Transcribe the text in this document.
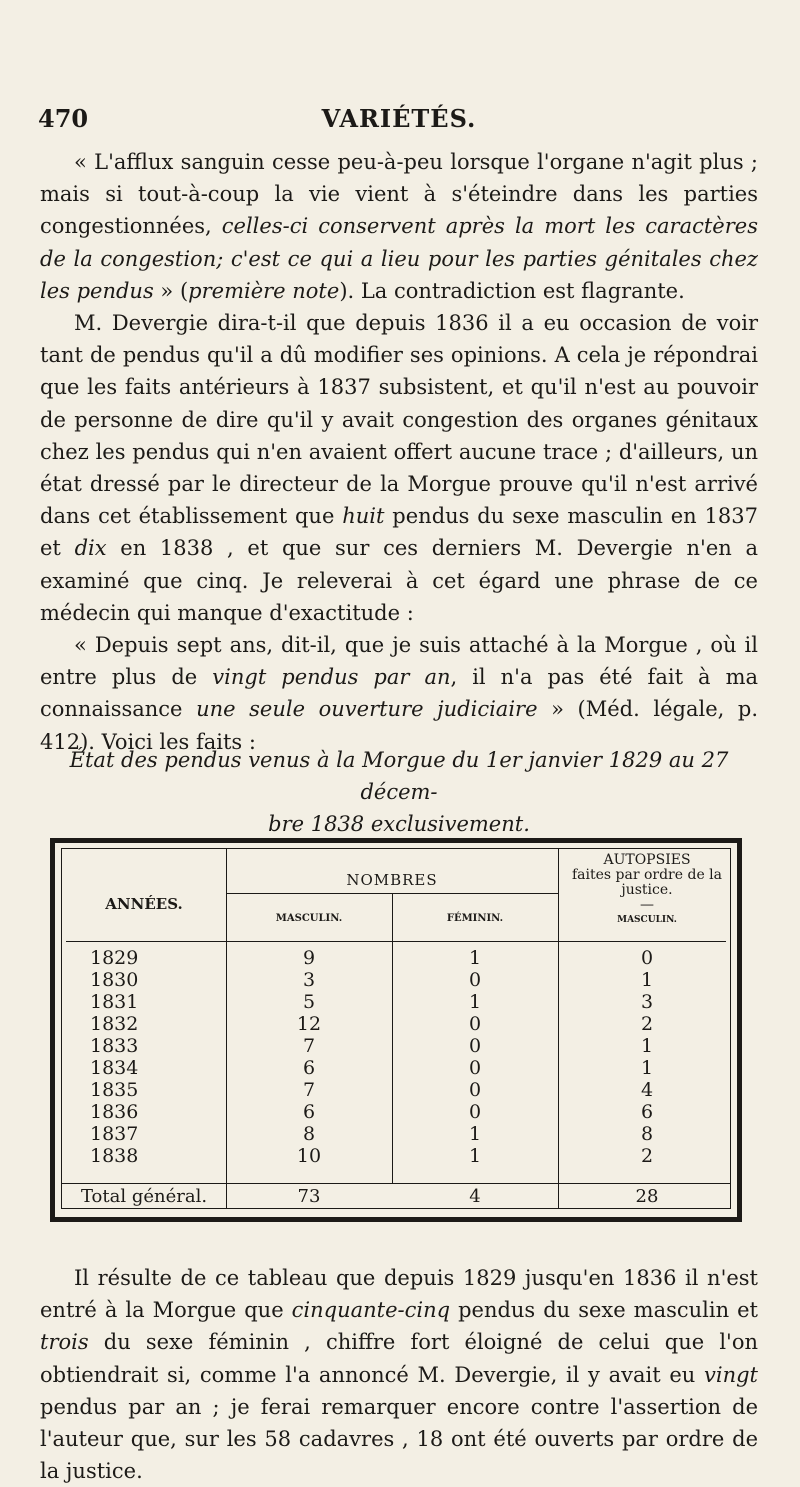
470	VARIÉTÉS.

« L'afflux sanguin cesse peu-à-peu lorsque l'organe n'agit plus ; mais si tout-à-coup la vie vient à s'éteindre dans les parties congestionnées, celles-ci conservent après la mort les caractères de la congestion; c'est ce qui a lieu pour les parties génitales chez les pendus » (première note). La contradiction est flagrante.

M. Devergie dira-t-il que depuis 1836 il a eu occasion de voir tant de pendus qu'il a dû modifier ses opinions. A cela je répondrai que les faits antérieurs à 1837 subsistent, et qu'il n'est au pouvoir de personne de dire qu'il y avait congestion des organes génitaux chez les pendus qui n'en avaient offert aucune trace ; d'ailleurs, un état dressé par le directeur de la Morgue prouve qu'il n'est arrivé dans cet établissement que huit pendus du sexe masculin en 1837 et dix en 1838 , et que sur ces derniers M. Devergie n'en a examiné que cinq. Je releverai à cet égard une phrase de ce médecin qui manque d'exactitude :

« Depuis sept ans, dit-il, que je suis attaché à la Morgue , où il entre plus de vingt pendus par an, il n'a pas été fait à ma connaissance une seule ouverture judiciaire » (Méd. légale, p. 412). Voici les faits :

État des pendus venus à la Morgue du 1er janvier 1829 au 27 décem-
bre 1838 exclusivement.
ANNÉES.
NOMBRES
MASCULIN.	FÉMININ.
AUTOPSIES
faites par ordre de la
justice.
—
MASCULIN.
1829	9	1	0
1830	3	0	1
1831	5	1	3
1832	12	0	2
1833	7	0	1
1834	6	0	1
1835	7	0	4
1836	6	0	6
1837	8	1	8
1838	10	1	2
Total général.	73	4	28

Il résulte de ce tableau que depuis 1829 jusqu'en 1836 il n'est entré à la Morgue que cinquante-cinq pendus du sexe masculin et trois du sexe féminin , chiffre fort éloigné de celui que l'on obtiendrait si, comme l'a annoncé M. Devergie, il y avait eu vingt pendus par an ; je ferai remarquer encore contre l'assertion de l'auteur que, sur les 58 cadavres , 18 ont été ouverts par ordre de la justice.
